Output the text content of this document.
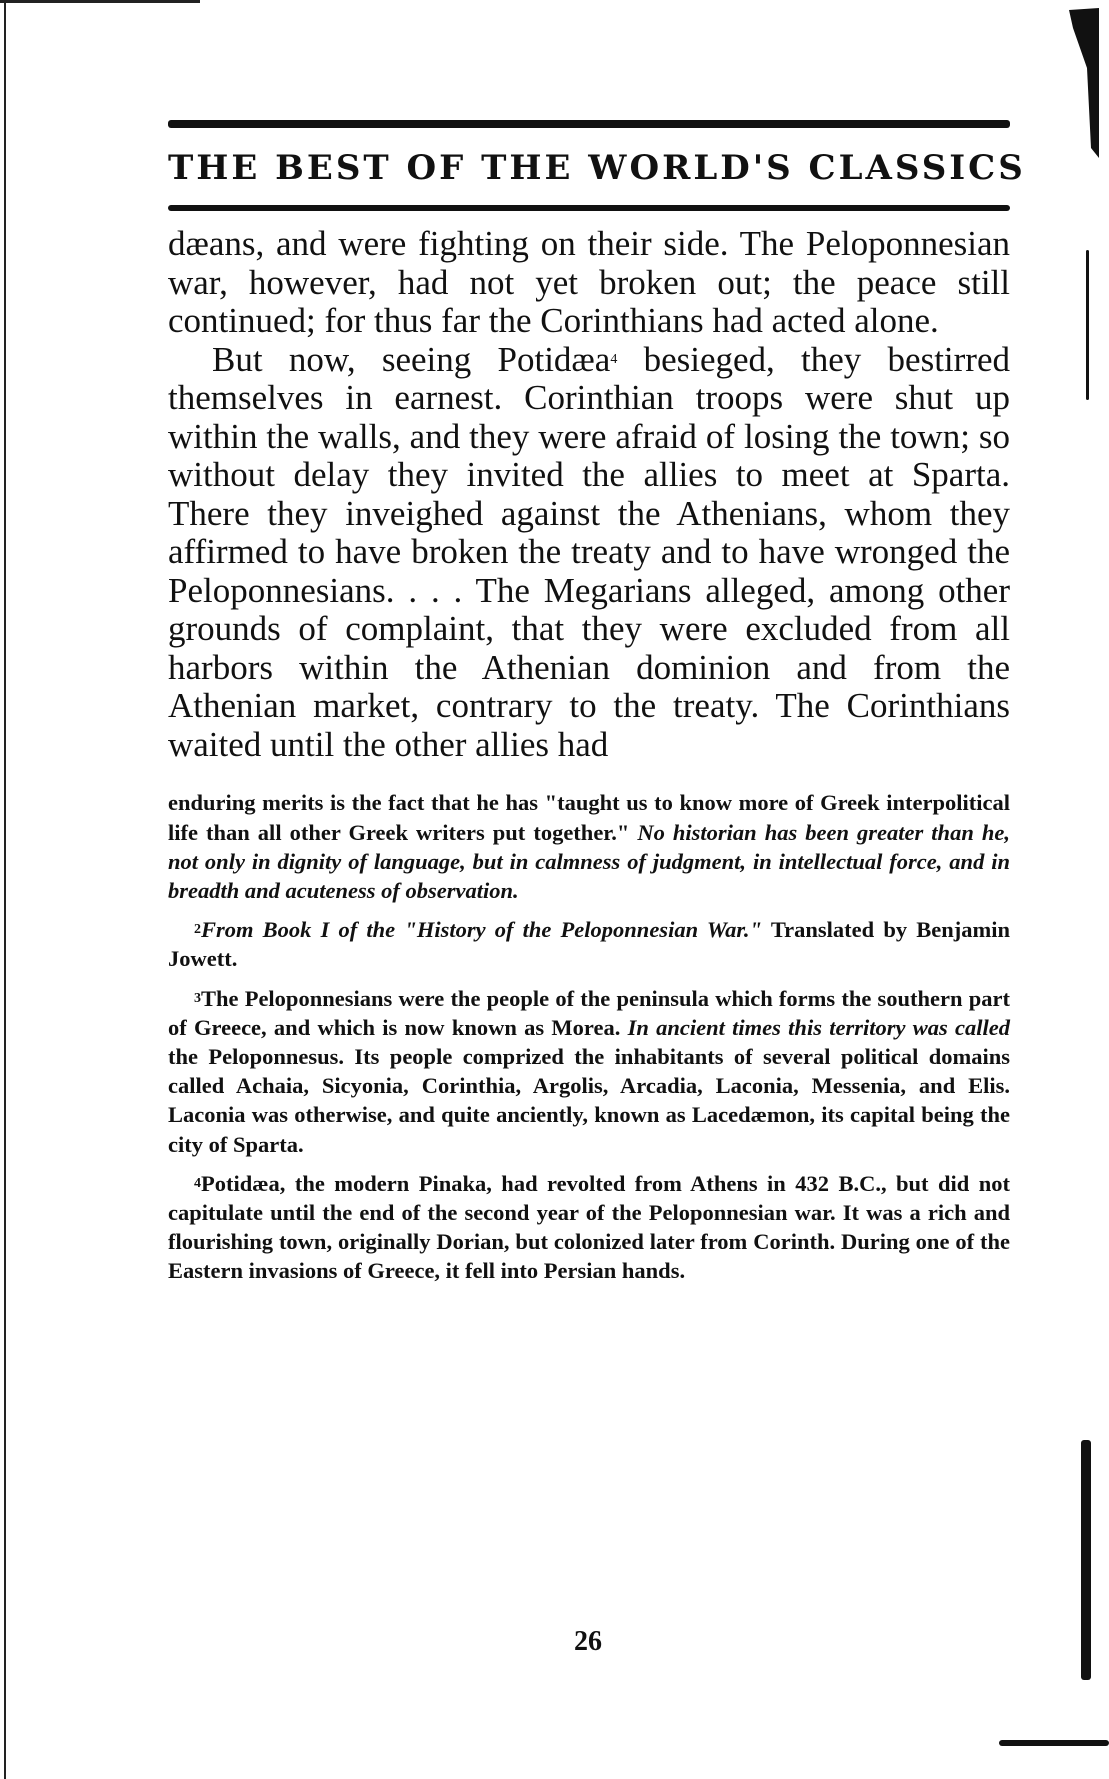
THE BEST OF THE WORLD'S CLASSICS

dæans, and were fighting on their side. The Peloponnesian war, however, had not yet broken out; the peace still continued; for thus far the Corinthians had acted alone.

But now, seeing Potidæa$^4$ besieged, they bestirred themselves in earnest. Corinthian troops were shut up within the walls, and they were afraid of losing the town; so without delay they invited the allies to meet at Sparta. There they inveighed against the Athenians, whom they affirmed to have broken the treaty and to have wronged the Peloponnesians. . . . The Megarians alleged, among other grounds of complaint, that they were excluded from all harbors within the Athenian dominion and from the Athenian market, contrary to the treaty. The Corinthians waited until the other allies had

enduring merits is the fact that he has "taught us to know more of Greek interpolitical life than all other Greek writers put together." No historian has been greater than he, not only in dignity of language, but in calmness of judgment, in intellectual force, and in breadth and acuteness of observation.

$^2$From Book I of the "History of the Peloponnesian War." Translated by Benjamin Jowett.

$^3$The Peloponnesians were the people of the peninsula which forms the southern part of Greece, and which is now known as Morea. In ancient times this territory was called the Peloponnesus. Its people comprized the inhabitants of several political domains called Achaia, Sicyonia, Corinthia, Argolis, Arcadia, Laconia, Messenia, and Elis. Laconia was otherwise, and quite anciently, known as Lacedæmon, its capital being the city of Sparta.

$^4$Potidæa, the modern Pinaka, had revolted from Athens in 432 B.C., but did not capitulate until the end of the second year of the Peloponnesian war. It was a rich and flourishing town, originally Dorian, but colonized later from Corinth. During one of the Eastern invasions of Greece, it fell into Persian hands.

26
